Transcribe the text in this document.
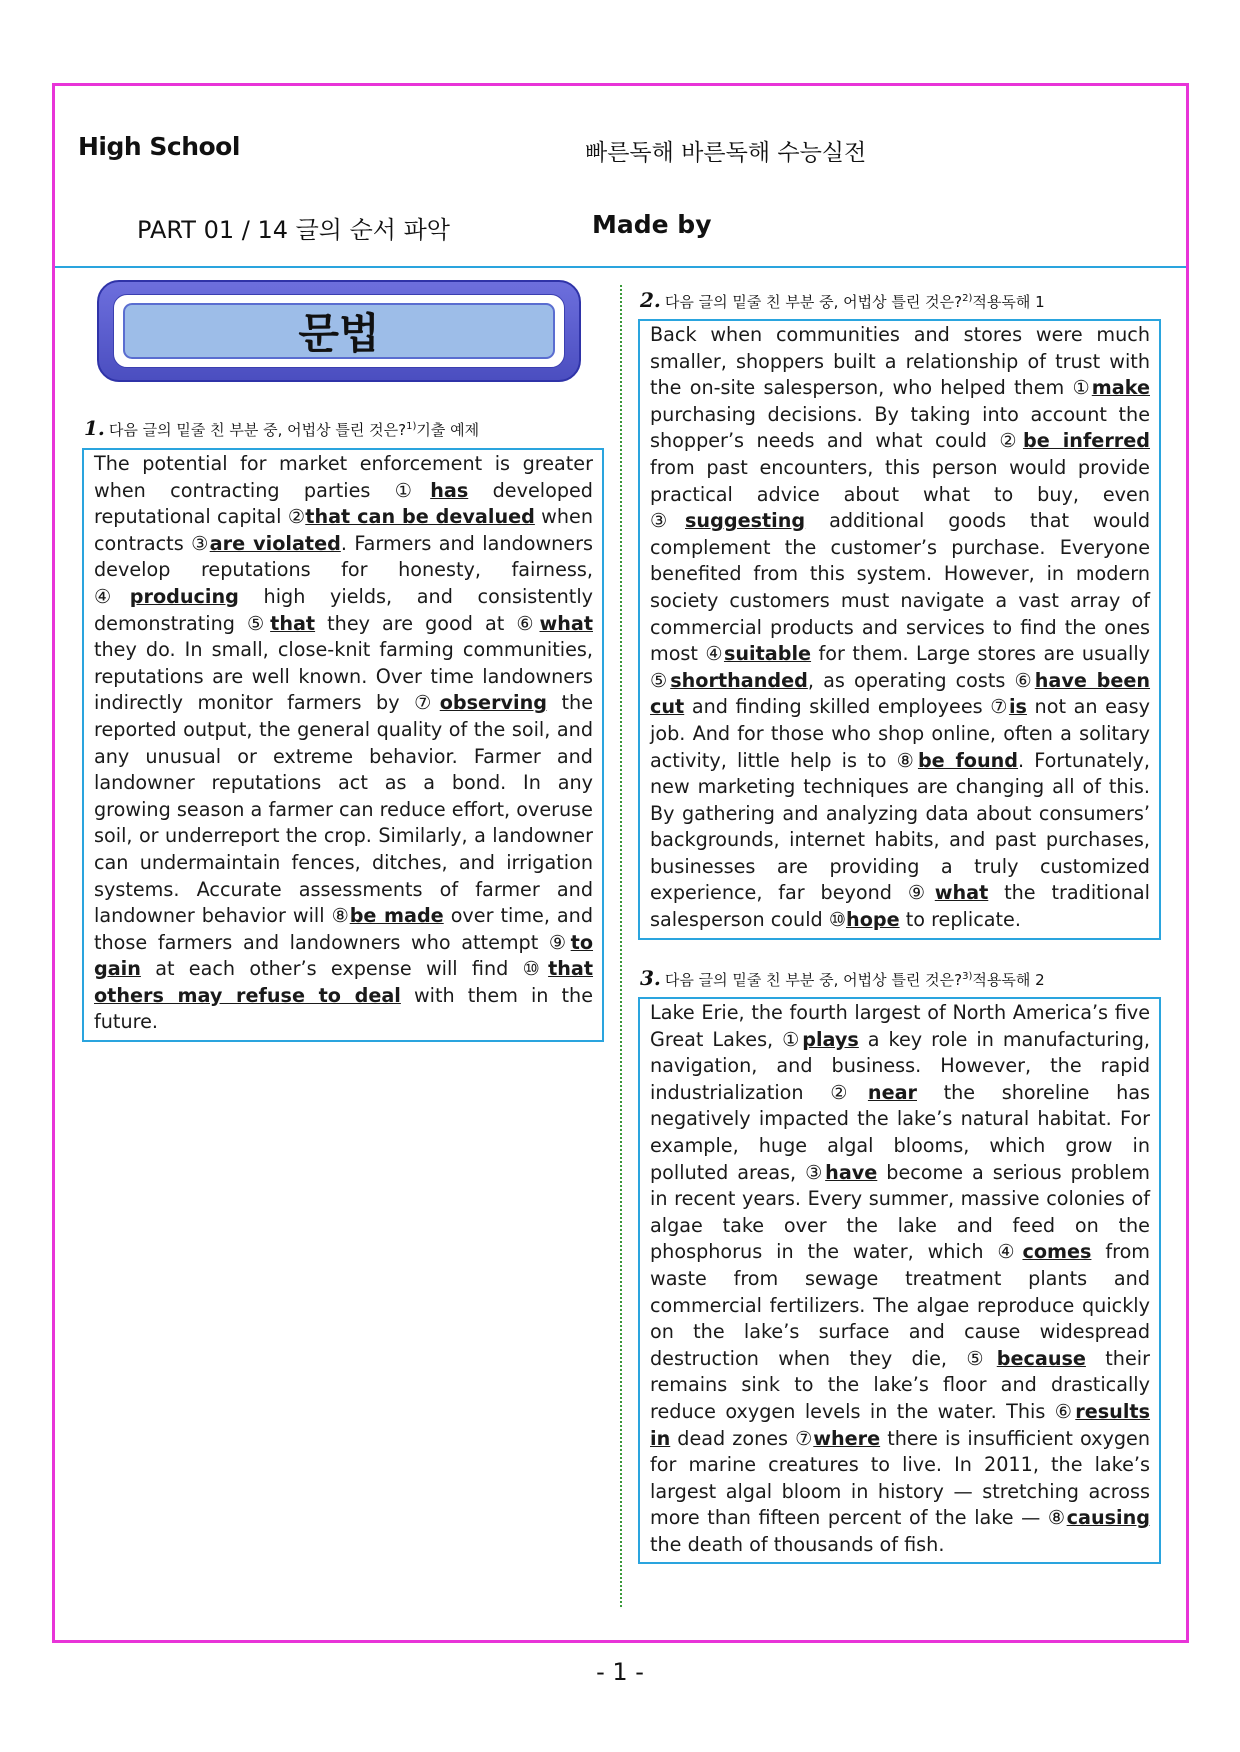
High School	빠른독해 바른독해 수능실전
PART 01 / 14 글의 순서 파악	Made by
문법
1. 다음 글의 밑줄 친 부분 중, 어법상 틀린 것은?$^{1)}$기출 예제
The potential for market enforcement is greater when contracting parties ①has developed reputational capital ②that can be devalued when contracts ③are violated. Farmers and landowners develop reputations for honesty, fairness, ④producing high yields, and consistently demonstrating ⑤that they are good at ⑥what they do. In small, close-knit farming communities, reputations are well known. Over time landowners indirectly monitor farmers by ⑦observing the reported output, the general quality of the soil, and any unusual or extreme behavior. Farmer and landowner reputations act as a bond. In any growing season a farmer can reduce effort, overuse soil, or underreport the crop. Similarly, a landowner can undermaintain fences, ditches, and irrigation systems. Accurate assessments of farmer and landowner behavior will ⑧be made over time, and those farmers and landowners who attempt ⑨to gain at each other’s expense will find ⑩that others may refuse to deal with them in the future.
2. 다음 글의 밑줄 친 부분 중, 어법상 틀린 것은?$^{2)}$적용독해 1
Back when communities and stores were much smaller, shoppers built a relationship of trust with the on-site salesperson, who helped them ①make purchasing decisions. By taking into account the shopper’s needs and what could ②be inferred from past encounters, this person would provide practical advice about what to buy, even ③suggesting additional goods that would complement the customer’s purchase. Everyone benefited from this system. However, in modern society customers must navigate a vast array of commercial products and services to find the ones most ④suitable for them. Large stores are usually ⑤shorthanded, as operating costs ⑥have been cut and finding skilled employees ⑦is not an easy job. And for those who shop online, often a solitary activity, little help is to ⑧be found. Fortunately, new marketing techniques are changing all of this. By gathering and analyzing data about consumers’ backgrounds, internet habits, and past purchases, businesses are providing a truly customized experience, far beyond ⑨what the traditional salesperson could ⑩hope to replicate.
3. 다음 글의 밑줄 친 부분 중, 어법상 틀린 것은?$^{3)}$적용독해 2
Lake Erie, the fourth largest of North America’s five Great Lakes, ①plays a key role in manufacturing, navigation, and business. However, the rapid industrialization ②near the shoreline has negatively impacted the lake’s natural habitat. For example, huge algal blooms, which grow in polluted areas, ③have become a serious problem in recent years. Every summer, massive colonies of algae take over the lake and feed on the phosphorus in the water, which ④comes from waste from sewage treatment plants and commercial fertilizers. The algae reproduce quickly on the lake’s surface and cause widespread destruction when they die, ⑤because their remains sink to the lake’s floor and drastically reduce oxygen levels in the water. This ⑥results in dead zones ⑦where there is insufficient oxygen for marine creatures to live. In 2011, the lake’s largest algal bloom in history — stretching across more than fifteen percent of the lake — ⑧causing the death of thousands of fish.
- 1 -
